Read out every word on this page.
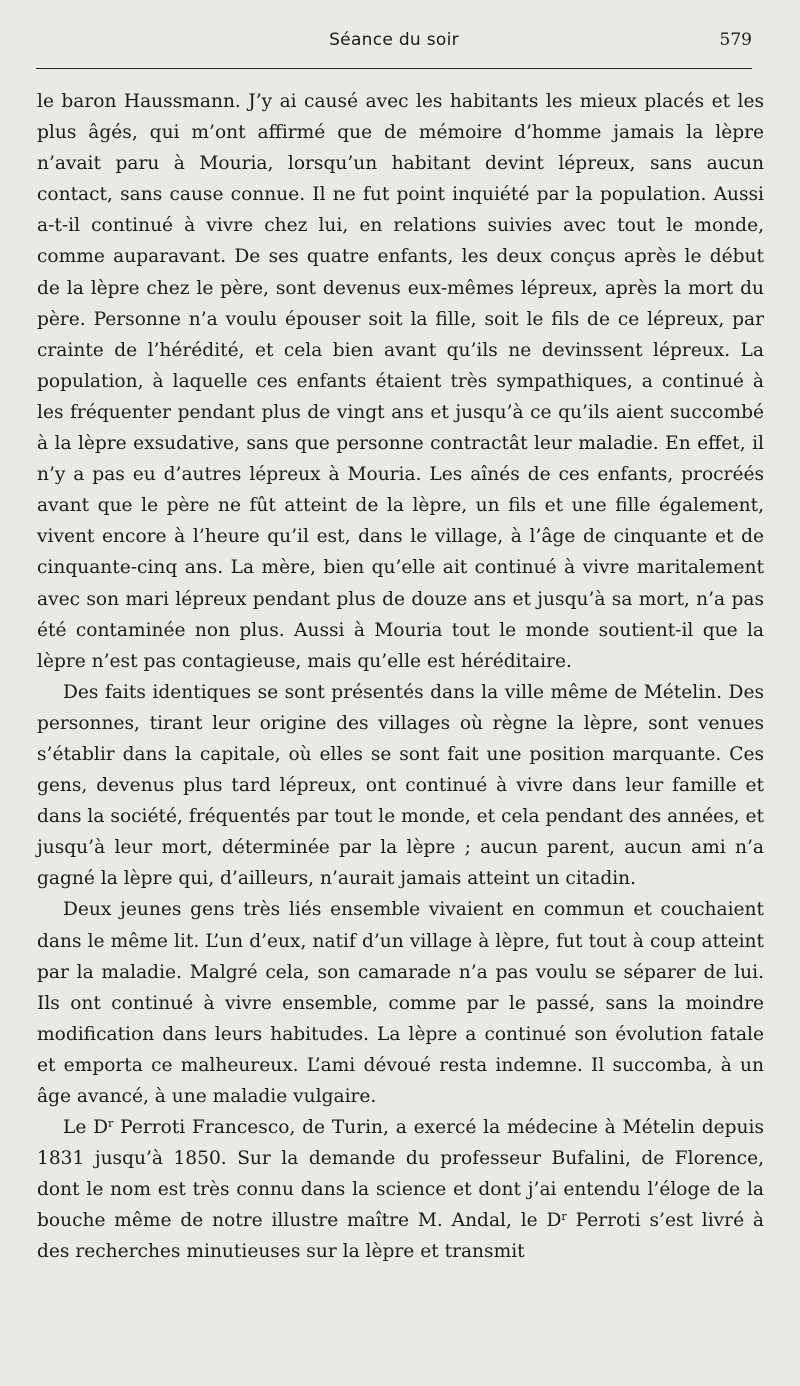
Séance du soir	579

le baron Haussmann. J’y ai causé avec les habitants les mieux placés et les plus âgés, qui m’ont affirmé que de mémoire d’homme jamais la lèpre n’avait paru à Mouria, lorsqu’un habitant devint lépreux, sans aucun contact, sans cause connue. Il ne fut point inquiété par la population. Aussi a-t-il continué à vivre chez lui, en relations suivies avec tout le monde, comme auparavant. De ses quatre enfants, les deux conçus après le début de la lèpre chez le père, sont devenus eux-mêmes lépreux, après la mort du père. Personne n’a voulu épouser soit la fille, soit le fils de ce lépreux, par crainte de l’hérédité, et cela bien avant qu’ils ne devinssent lépreux. La population, à laquelle ces enfants étaient très sympathiques, a continué à les fréquenter pendant plus de vingt ans et jusqu’à ce qu’ils aient succombé à la lèpre exsudative, sans que personne contractât leur maladie. En effet, il n’y a pas eu d’autres lépreux à Mouria. Les aînés de ces enfants, procréés avant que le père ne fût atteint de la lèpre, un fils et une fille également, vivent encore à l’heure qu’il est, dans le village, à l’âge de cinquante et de cinquante-cinq ans. La mère, bien qu’elle ait continué à vivre maritalement avec son mari lépreux pendant plus de douze ans et jusqu’à sa mort, n’a pas été contaminée non plus. Aussi à Mouria tout le monde soutient-il que la lèpre n’est pas contagieuse, mais qu’elle est héréditaire.

Des faits identiques se sont présentés dans la ville même de Mételin. Des personnes, tirant leur origine des villages où règne la lèpre, sont venues s’établir dans la capitale, où elles se sont fait une position marquante. Ces gens, devenus plus tard lépreux, ont continué à vivre dans leur famille et dans la société, fréquentés par tout le monde, et cela pendant des années, et jusqu’à leur mort, déterminée par la lèpre ; aucun parent, aucun ami n’a gagné la lèpre qui, d’ailleurs, n’aurait jamais atteint un citadin.

Deux jeunes gens très liés ensemble vivaient en commun et couchaient dans le même lit. L’un d’eux, natif d’un village à lèpre, fut tout à coup atteint par la maladie. Malgré cela, son camarade n’a pas voulu se séparer de lui. Ils ont continué à vivre ensemble, comme par le passé, sans la moindre modification dans leurs habitudes. La lèpre a continué son évolution fatale et emporta ce malheureux. L’ami dévoué resta indemne. Il succomba, à un âge avancé, à une maladie vulgaire.

Le $D^r$ Perroti Francesco, de Turin, a exercé la médecine à Mételin depuis 1831 jusqu’à 1850. Sur la demande du professeur Bufalini, de Florence, dont le nom est très connu dans la science et dont j’ai entendu l’éloge de la bouche même de notre illustre maître M. Andal, le $D^r$ Perroti s’est livré à des recherches minutieuses sur la lèpre et transmit
